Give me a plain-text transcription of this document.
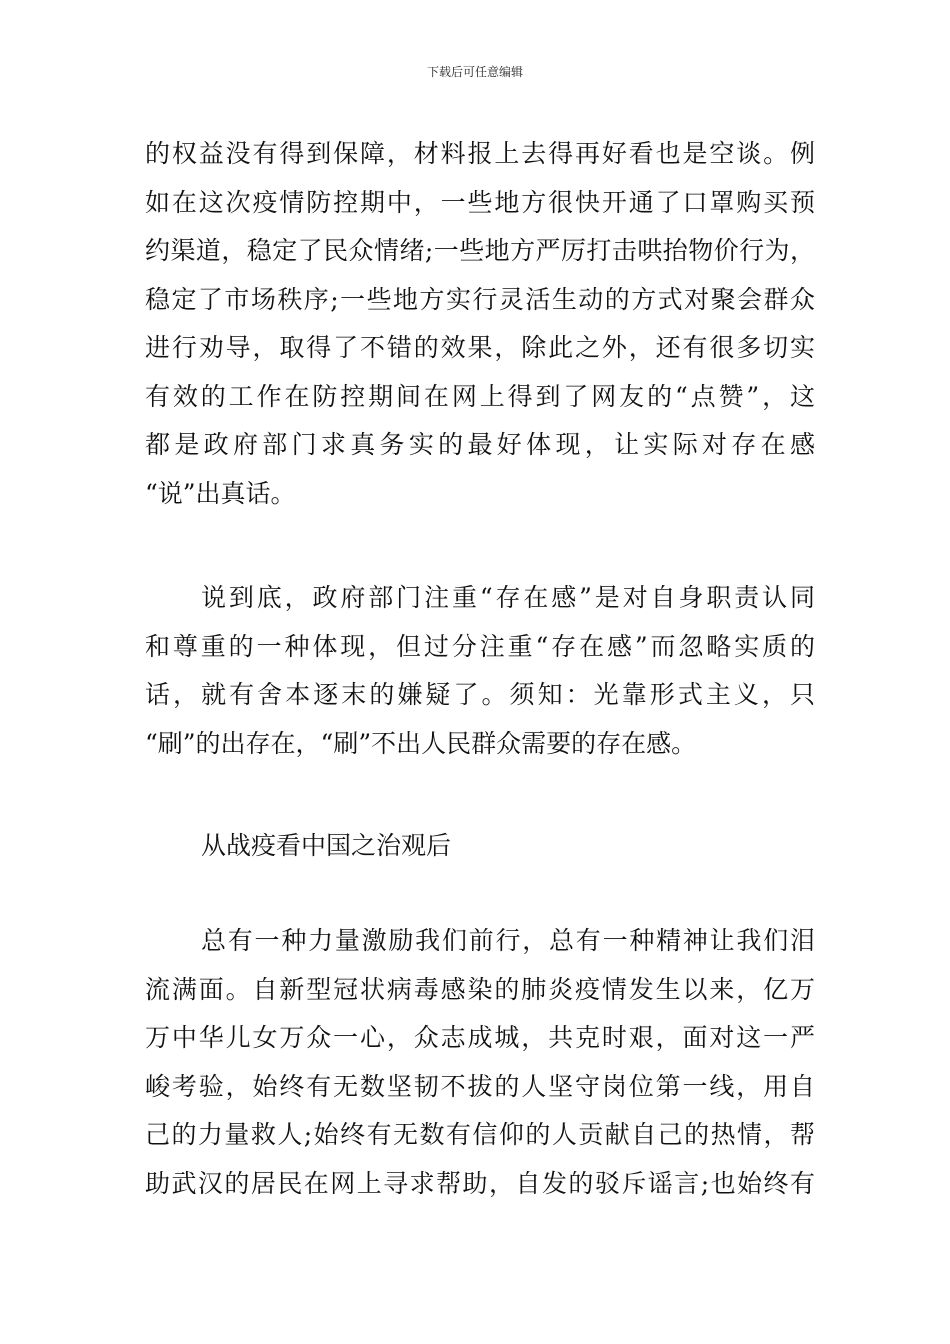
下载后可任意编辑
的权益没有得到保障，材料报上去得再好看也是空谈。例
如在这次疫情防控期中，一些地方很快开通了口罩购买预
约渠道，稳定了民众情绪;一些地方严厉打击哄抬物价行为，
稳定了市场秩序;一些地方实行灵活生动的方式对聚会群众
进行劝导，取得了不错的效果，除此之外，还有很多切实
有效的工作在防控期间在网上得到了网友的“点赞”，这
都是政府部门求真务实的最好体现，让实际对存在感
“说”出真话。
说到底，政府部门注重“存在感”是对自身职责认同
和尊重的一种体现，但过分注重“存在感”而忽略实质的
话，就有舍本逐末的嫌疑了。须知：光靠形式主义，只
“刷”的出存在，“刷”不出人民群众需要的存在感。
从战疫看中国之治观后
总有一种力量激励我们前行，总有一种精神让我们泪
流满面。自新型冠状病毒感染的肺炎疫情发生以来，亿万
万中华儿女万众一心，众志成城，共克时艰，面对这一严
峻考验，始终有无数坚韧不拔的人坚守岗位第一线，用自
己的力量救人;始终有无数有信仰的人贡献自己的热情，帮
助武汉的居民在网上寻求帮助，自发的驳斥谣言;也始终有
